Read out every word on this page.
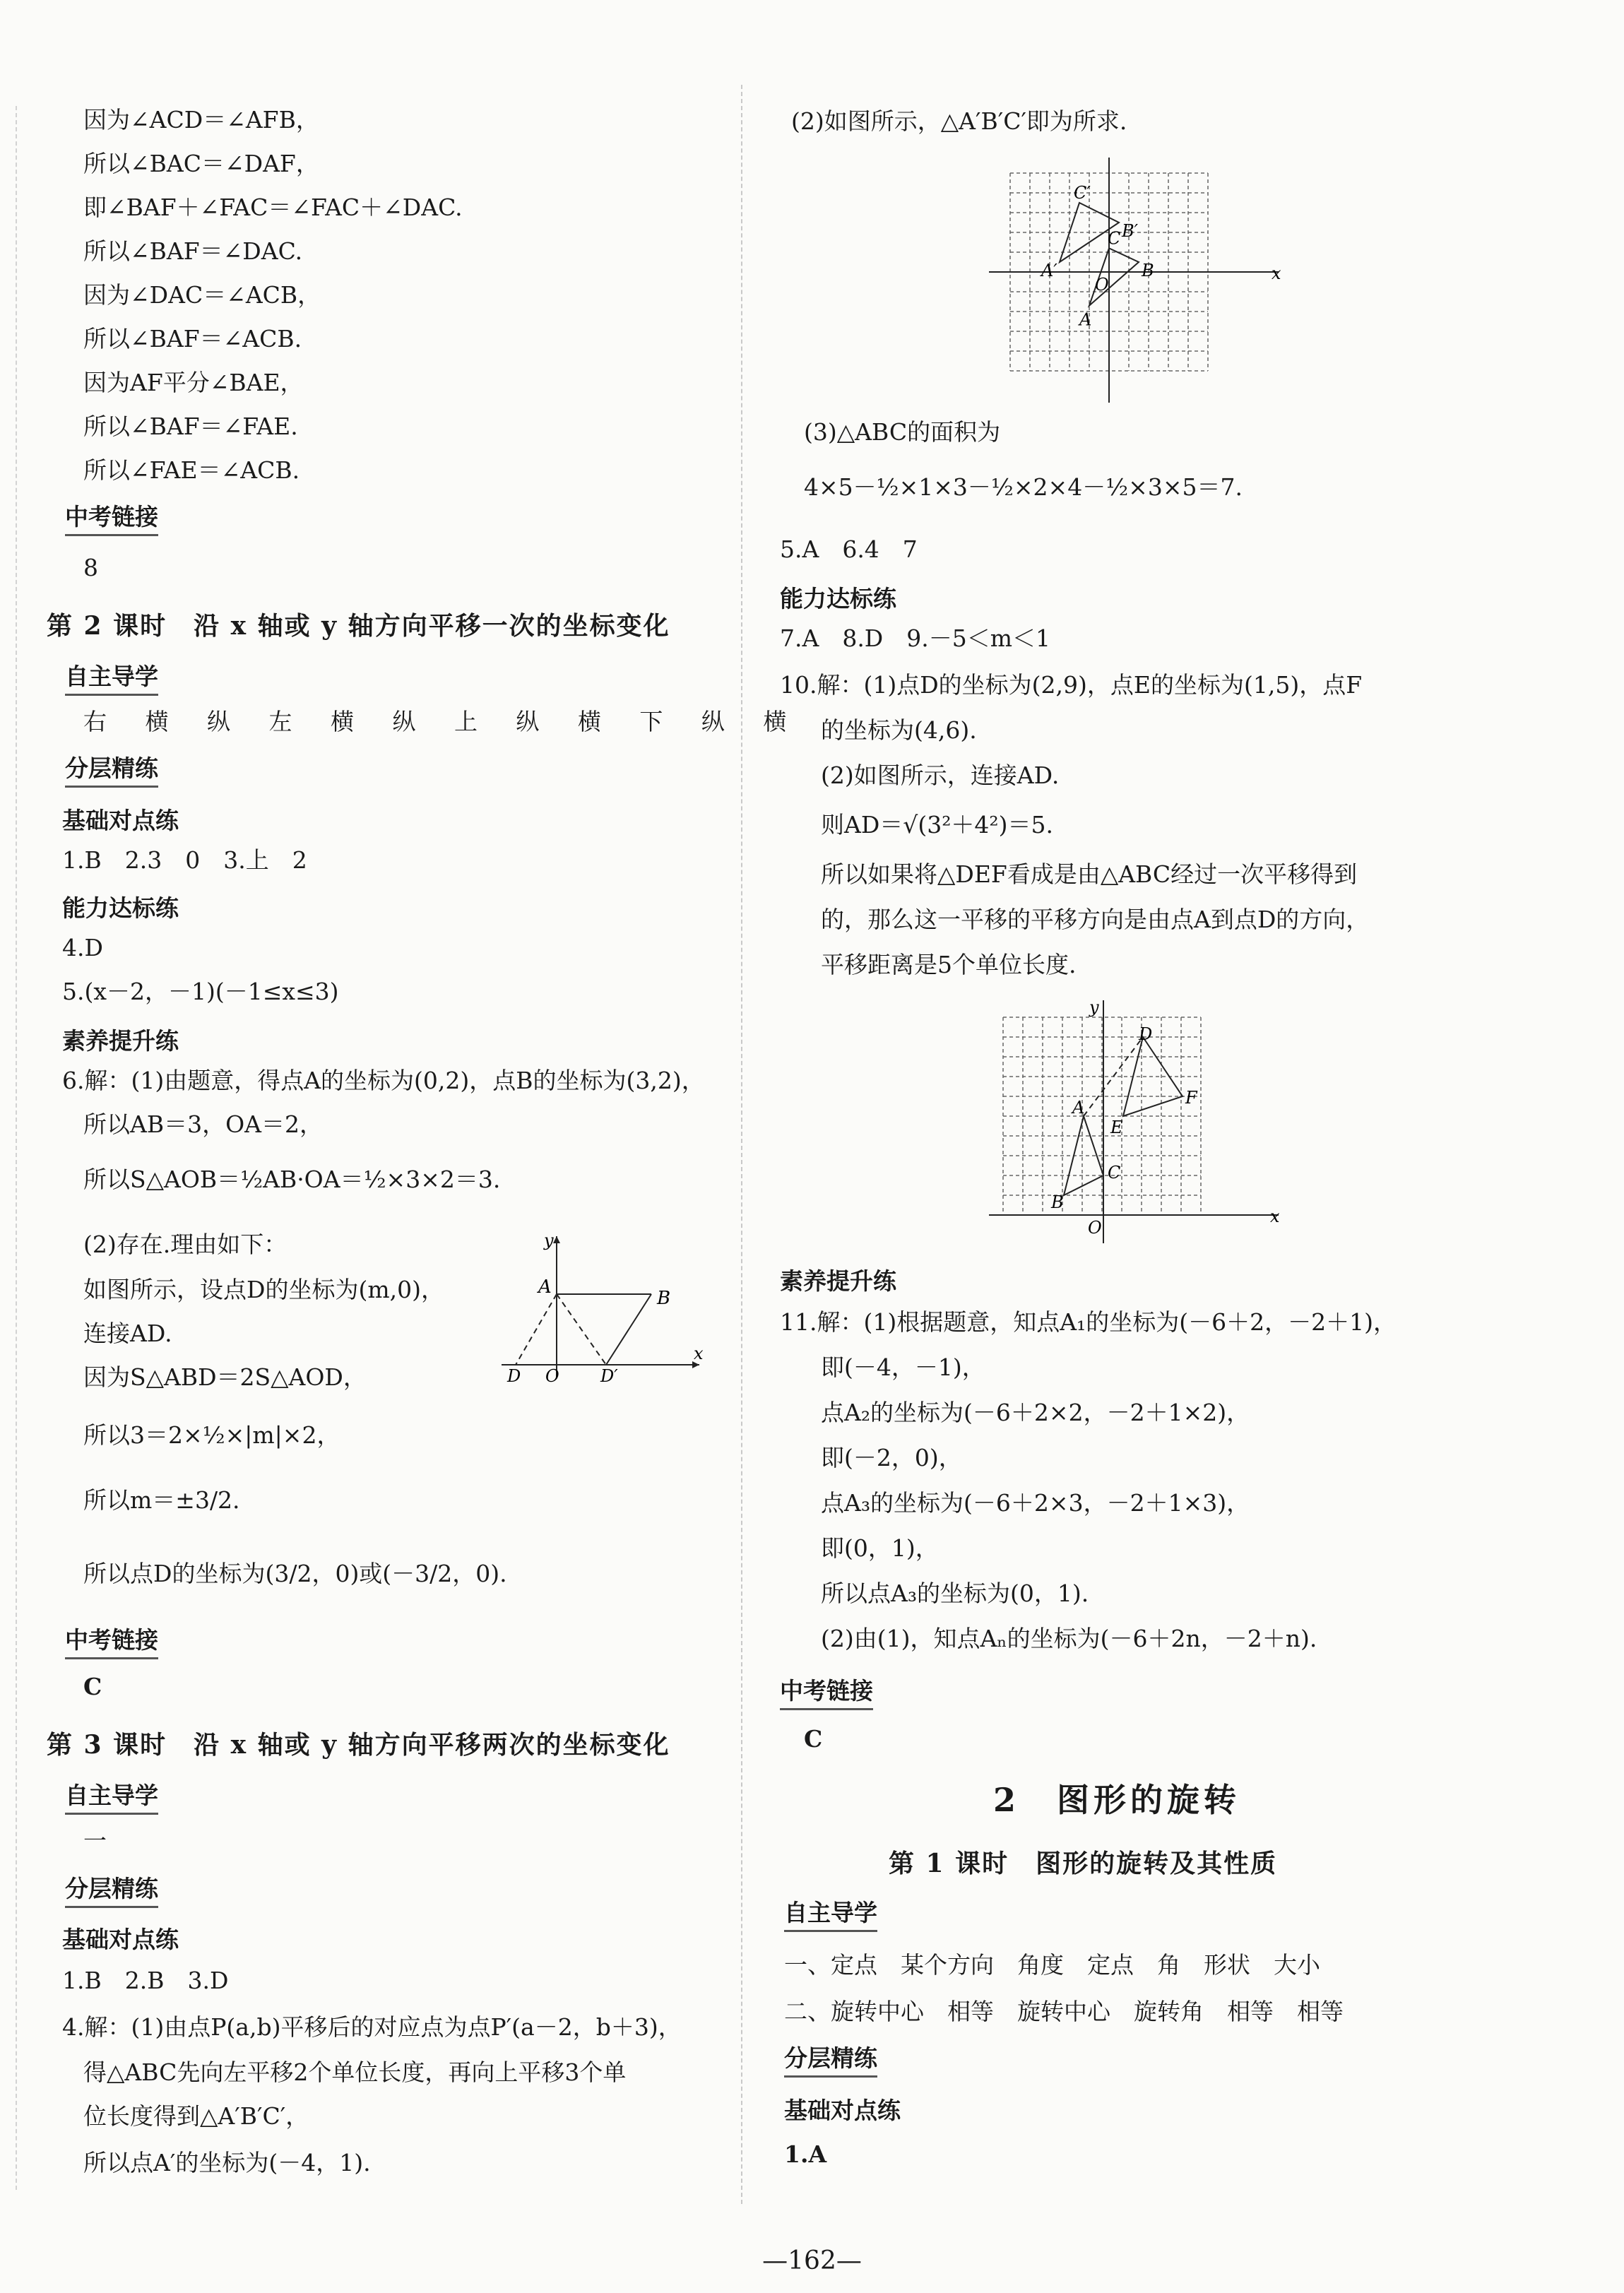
因为∠ACD＝∠AFB，
所以∠BAC＝∠DAF，
即∠BAF＋∠FAC＝∠FAC＋∠DAC.
所以∠BAF＝∠DAC.
因为∠DAC＝∠ACB，
所以∠BAF＝∠ACB.
因为AF平分∠BAE，
所以∠BAF＝∠FAE.
所以∠FAE＝∠ACB.
中考链接
8
第 2 课时　沿 x 轴或 y 轴方向平移一次的坐标变化
自主导学
右 横 纵 左 横 纵 上 纵 横 下 纵 横
分层精练
基础对点练
1.B　2.3　0　3.上　2
能力达标练
4.D
5.(x－2，－1)(－1≤x≤3)
素养提升练
6.解：(1)由题意，得点A的坐标为(0,2)，点B的坐标为(3,2)，
所以AB＝3，OA＝2，
所以S△AOB＝½AB·OA＝½×3×2＝3.
(2)存在.理由如下：
如图所示，设点D的坐标为(m,0)，
连接AD.
因为S△ABD＝2S△AOD，
所以3＝2×½×|m|×2，
所以m＝±3/2.
所以点D的坐标为(3/2，0)或(－3/2，0).
y
A
B
O
D	D′
x
中考链接
C
第 3 课时　沿 x 轴或 y 轴方向平移两次的坐标变化
自主导学
一
分层精练
基础对点练
1.B　2.B　3.D
4.解：(1)由点P(a,b)平移后的对应点为点P′(a－2，b＋3)，
得△ABC先向左平移2个单位长度，再向上平移3个单
位长度得到△A′B′C′，
所以点A′的坐标为(－4，1).
(2)如图所示，△A′B′C′即为所求.
A′
B′
C′
A
B
C
O
x
(3)△ABC的面积为
4×5－½×1×3－½×2×4－½×3×5＝7.
5.A　6.4　7
能力达标练
7.A　8.D　9.－5＜m＜1
10.解：(1)点D的坐标为(2,9)，点E的坐标为(1,5)，点F
的坐标为(4,6).
(2)如图所示，连接AD.
则AD＝√(3²＋4²)＝5.
所以如果将△DEF看成是由△ABC经过一次平移得到
的，那么这一平移的平移方向是由点A到点D的方向，
平移距离是5个单位长度.
A
B
C
D
E
F
O
x
y
素养提升练
11.解：(1)根据题意，知点A₁的坐标为(－6＋2，－2＋1)，
即(－4，－1)，
点A₂的坐标为(－6＋2×2，－2＋1×2)，
即(－2，0)，
点A₃的坐标为(－6＋2×3，－2＋1×3)，
即(0，1)，
所以点A₃的坐标为(0，1).
(2)由(1)，知点Aₙ的坐标为(－6＋2n，－2＋n).
中考链接
C
2　图形的旋转
第 1 课时　图形的旋转及其性质
自主导学
一、定点　某个方向　角度　定点　角　形状　大小
二、旋转中心　相等　旋转中心　旋转角　相等　相等
分层精练
基础对点练
1.A
—162—
